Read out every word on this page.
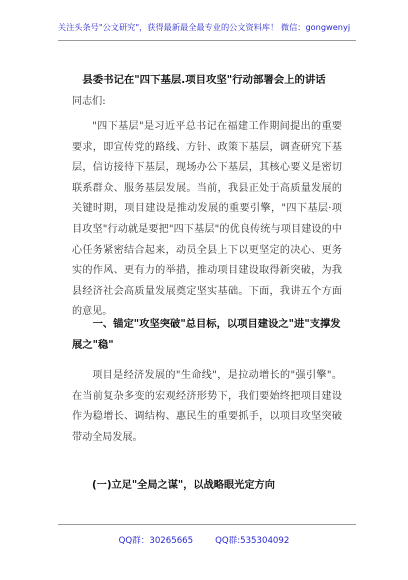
关注头条号"公文研究"，获得最新最全最专业的公文资料库！ 微信：gongwenyj
县委书记在"四下基层.项目攻坚"行动部署会上的讲话
同志们:
"四下基层"是习近平总书记在福建工作期间提出的重要要求，即宣传党的路线、方针、政策下基层，调查研究下基层，信访接待下基层，现场办公下基层，其核心要义是密切联系群众、服务基层发展。当前，我县正处于高质量发展的关键时期，项目建设是推动发展的重要引擎，"四下基层·项目攻坚"行动就是要把"四下基层"的优良传统与项目建设的中心任务紧密结合起来，动员全县上下以更坚定的决心、更务实的作风、更有力的举措，推动项目建设取得新突破，为我县经济社会高质量发展奠定坚实基础。下面，我讲五个方面的意见。
一、锚定"攻坚突破"总目标，以项目建设之"进"支撑发展之"稳"
项目是经济发展的"生命线"，是拉动增长的"强引擎"。在当前复杂多变的宏观经济形势下，我们要始终把项目建设作为稳增长、调结构、惠民生的重要抓手，以项目攻坚突破带动全局发展。
(一)立足"全局之谋"，以战略眼光定方向
QQ群：30265665	QQ群:535304092
